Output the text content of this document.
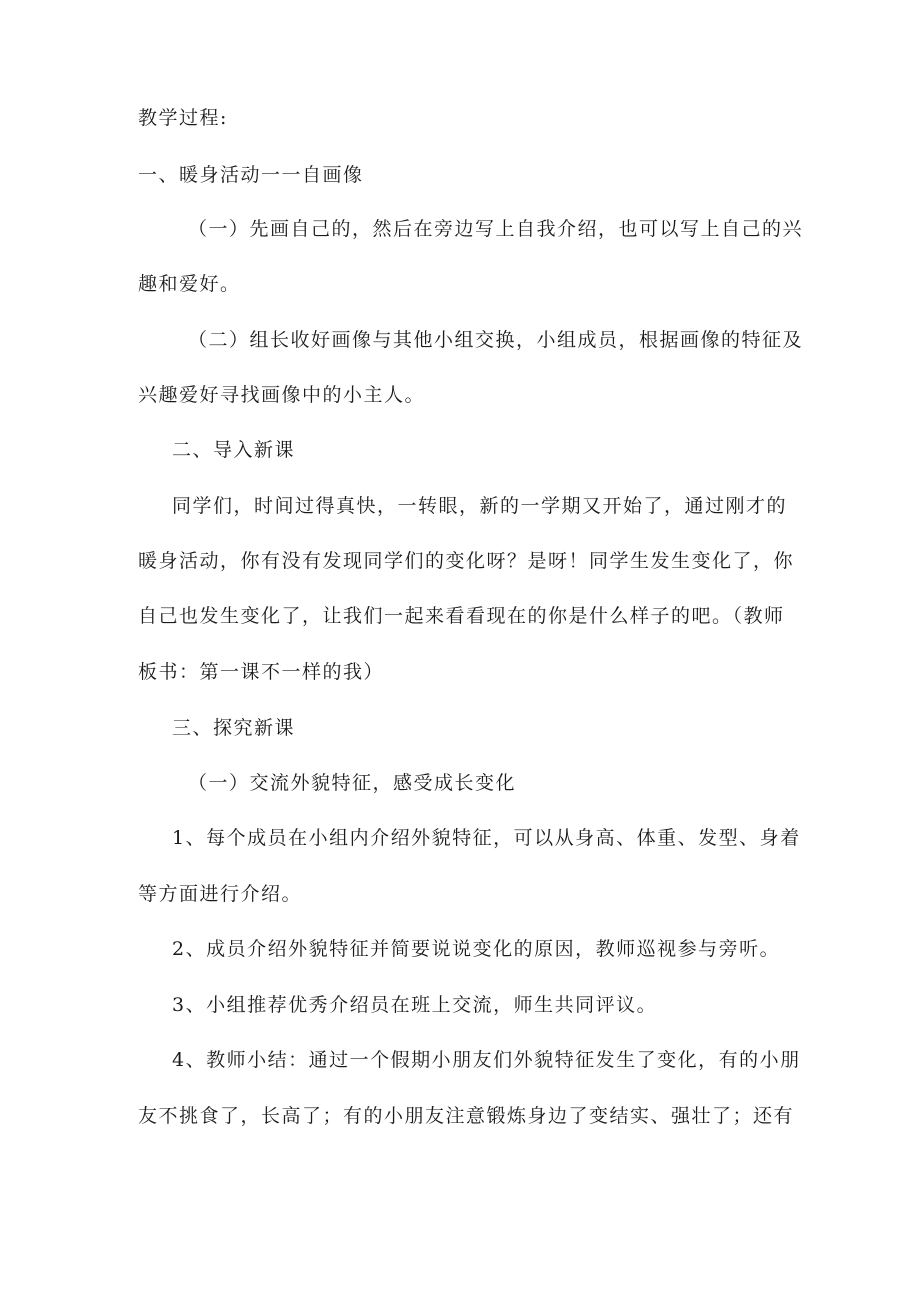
教学过程:
一、暖身活动一一自画像
（一）先画自己的，然后在旁边写上自我介绍，也可以写上自己的兴
趣和爱好。
（二）组长收好画像与其他小组交换，小组成员，根据画像的特征及
兴趣爱好寻找画像中的小主人。
二、导入新课
同学们，时间过得真快，一转眼，新的一学期又开始了，通过刚才的
暖身活动，你有没有发现同学们的变化呀？是呀！同学生发生变化了，你
自己也发生变化了，让我们一起来看看现在的你是什么样子的吧。（教师
板书：第一课不一样的我）
三、探究新课
（一）交流外貌特征，感受成长变化
1、每个成员在小组内介绍外貌特征，可以从身高、体重、发型、身着
等方面进行介绍。
2、成员介绍外貌特征并简要说说变化的原因，教师巡视参与旁听。
3、小组推荐优秀介绍员在班上交流，师生共同评议。
4、教师小结：通过一个假期小朋友们外貌特征发生了变化，有的小朋
友不挑食了，长高了；有的小朋友注意锻炼身边了变结实、强壮了；还有
